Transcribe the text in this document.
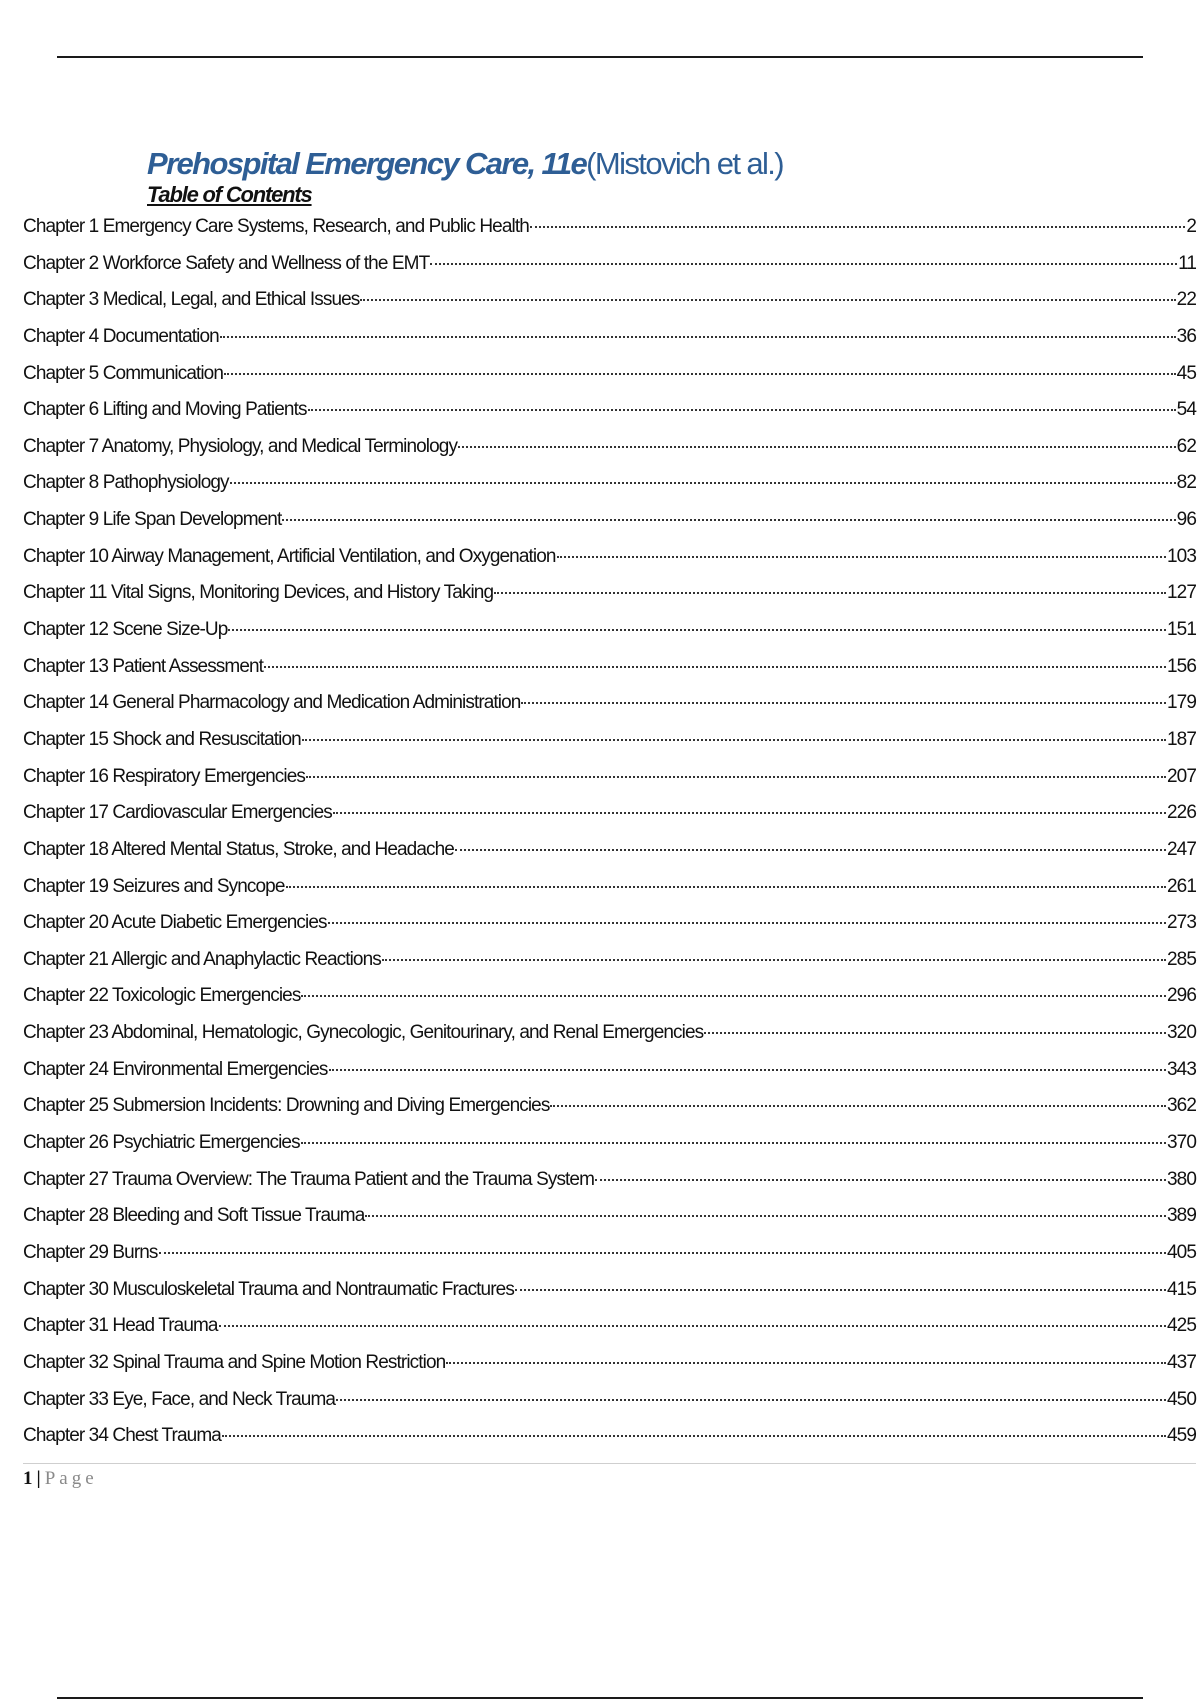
Prehospital Emergency Care, 11e(Mistovich et al.)
Table of Contents
Chapter 1 Emergency Care Systems, Research, and Public Health	2
Chapter 2 Workforce Safety and Wellness of the EMT	11
Chapter 3 Medical, Legal, and Ethical Issues	22
Chapter 4 Documentation	36
Chapter 5 Communication	45
Chapter 6 Lifting and Moving Patients	54
Chapter 7 Anatomy, Physiology, and Medical Terminology	62
Chapter 8 Pathophysiology	82
Chapter 9 Life Span Development	96
Chapter 10 Airway Management, Artificial Ventilation, and Oxygenation	103
Chapter 11 Vital Signs, Monitoring Devices, and History Taking	127
Chapter 12 Scene Size-Up	151
Chapter 13 Patient Assessment	156
Chapter 14 General Pharmacology and Medication Administration	179
Chapter 15 Shock and Resuscitation	187
Chapter 16 Respiratory Emergencies	207
Chapter 17 Cardiovascular Emergencies	226
Chapter 18 Altered Mental Status, Stroke, and Headache	247
Chapter 19 Seizures and Syncope	261
Chapter 20 Acute Diabetic Emergencies	273
Chapter 21 Allergic and Anaphylactic Reactions	285
Chapter 22 Toxicologic Emergencies	296
Chapter 23 Abdominal, Hematologic, Gynecologic, Genitourinary, and Renal Emergencies	320
Chapter 24 Environmental Emergencies	343
Chapter 25 Submersion Incidents: Drowning and Diving Emergencies	362
Chapter 26 Psychiatric Emergencies	370
Chapter 27 Trauma Overview: The Trauma Patient and the Trauma System	380
Chapter 28 Bleeding and Soft Tissue Trauma	389
Chapter 29 Burns	405
Chapter 30 Musculoskeletal Trauma and Nontraumatic Fractures	415
Chapter 31 Head Trauma	425
Chapter 32 Spinal Trauma and Spine Motion Restriction	437
Chapter 33 Eye, Face, and Neck Trauma	450
Chapter 34 Chest Trauma	459
1 | Page
